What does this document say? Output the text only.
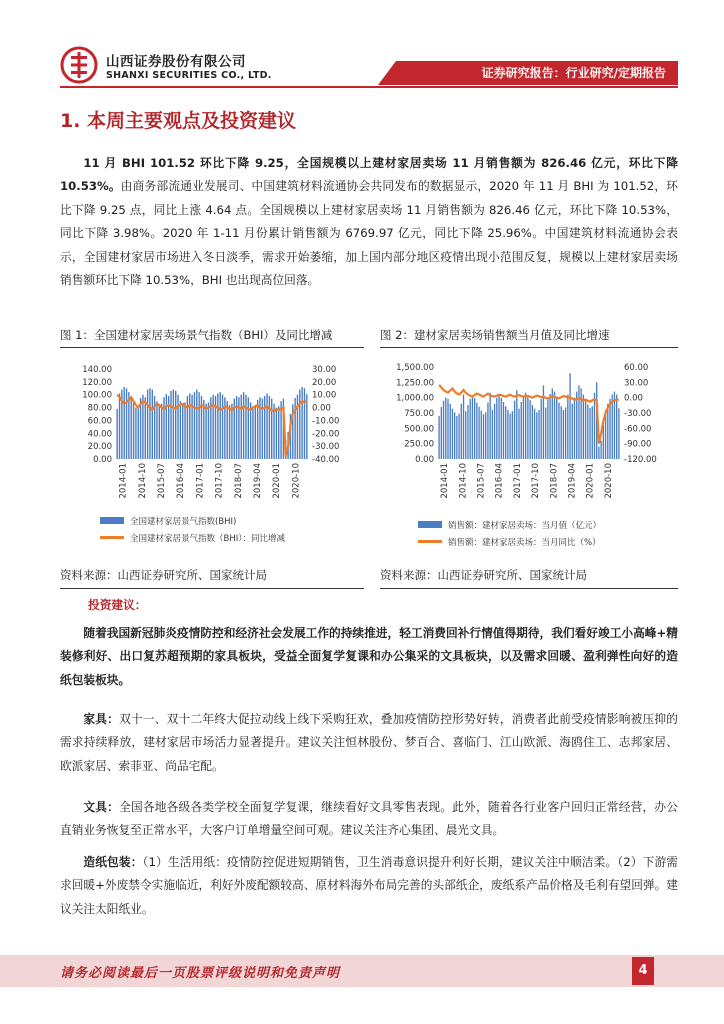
山西证券股份有限公司
SHANXI SECURITIES CO., LTD.	证券研究报告：行业研究/定期报告
1. 本周主要观点及投资建议

11 月 BHI 101.52 环比下降 9.25，全国规模以上建材家居卖场 11 月销售额为 826.46 亿元，环比下降 10.53%。由商务部流通业发展司、中国建筑材料流通协会共同发布的数据显示，2020 年 11 月 BHI 为 101.52，环比下降 9.25 点，同比上涨 4.64 点。全国规模以上建材家居卖场 11 月销售额为 826.46 亿元，环比下降 10.53%，同比下降 3.98%。2020 年 1-11 月份累计销售额为 6769.97 亿元，同比下降 25.96%。中国建筑材料流通协会表示，全国建材家居市场进入冬日淡季，需求开始萎缩，加上国内部分地区疫情出现小范围反复，规模以上建材家居卖场销售额环比下降 10.53%，BHI 也出现高位回落。

图 1：全国建材家居卖场景气指数（BHI）及同比增减
140.00
120.00
100.00
80.00
60.00
40.00
20.00
0.00
30.00
20.00
10.00
0.00
-10.00
-20.00
-30.00
-40.00
2014-01 2014-10 2015-07 2016-04 2017-01 2017-10 2018-07 2019-04 2020-01 2020-10
全国建材家居景气指数(BHI)
全国建材家居景气指数（BHI）：同比增减
资料来源：山西证券研究所、国家统计局
图 2：建材家居卖场销售额当月值及同比增速
1,500.00
1,250.00
1,000.00
750.00
500.00
250.00
0.00
60.00
30.00
0.00
-30.00
-60.00
-90.00
-120.00
2014-01 2014-10 2015-07 2016-04 2017-01 2017-10 2018-07 2019-04 2020-01 2020-10
销售额：建材家居卖场：当月值（亿元）
销售额：建材家居卖场：当月同比（%）
资料来源：山西证券研究所、国家统计局
投资建议：

随着我国新冠肺炎疫情防控和经济社会发展工作的持续推进，轻工消费回补行情值得期待，我们看好竣工小高峰+精装修利好、出口复苏超预期的家具板块，受益全面复学复课和办公集采的文具板块，以及需求回暖、盈利弹性向好的造纸包装板块。

家具：双十一、双十二年终大促拉动线上线下采购狂欢，叠加疫情防控形势好转，消费者此前受疫情影响被压抑的需求持续释放，建材家居市场活力显著提升。建议关注恒林股份、梦百合、喜临门、江山欧派、海鸥住工、志邦家居、欧派家居、索菲亚、尚品宅配。

文具：全国各地各级各类学校全面复学复课，继续看好文具零售表现。此外，随着各行业客户回归正常经营，办公直销业务恢复至正常水平，大客户订单增量空间可观。建议关注齐心集团、晨光文具。

造纸包装：（1）生活用纸：疫情防控促进短期销售，卫生消毒意识提升利好长期，建议关注中顺洁柔。（2）下游需求回暖+外废禁令实施临近，利好外废配额较高、原材料海外布局完善的头部纸企，废纸系产品价格及毛利有望回弹。建议关注太阳纸业。

请务必阅读最后一页股票评级说明和免责声明	4
